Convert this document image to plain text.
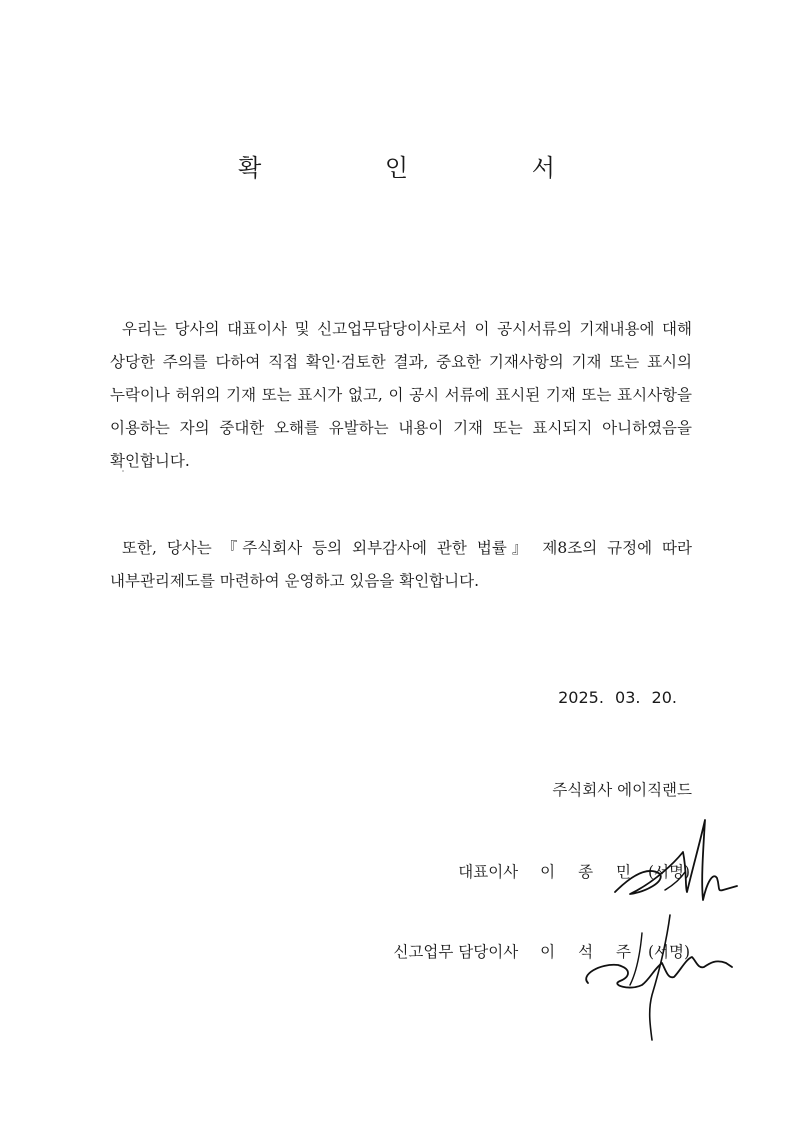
확 인 서
우리는 당사의 대표이사 및 신고업무담당이사로서 이 공시서류의 기재내용에 대해 상당한 주의를 다하여 직접 확인·검토한 결과, 중요한 기재사항의 기재 또는 표시의 누락이나 허위의 기재 또는 표시가 없고, 이 공시 서류에 표시된 기재 또는 표시사항을 이용하는 자의 중대한 오해를 유발하는 내용이 기재 또는 표시되지 아니하였음을 확인합니다.
또한, 당사는 『주식회사 등의 외부감사에 관한 법률』 제8조의 규정에 따라 내부관리제도를 마련하여 운영하고 있음을 확인합니다.
2025. 03. 20.
주식회사 에이직랜드
대표이사 이 종 민 (서명)
신고업무 담당이사 이 석 주 (서명)
